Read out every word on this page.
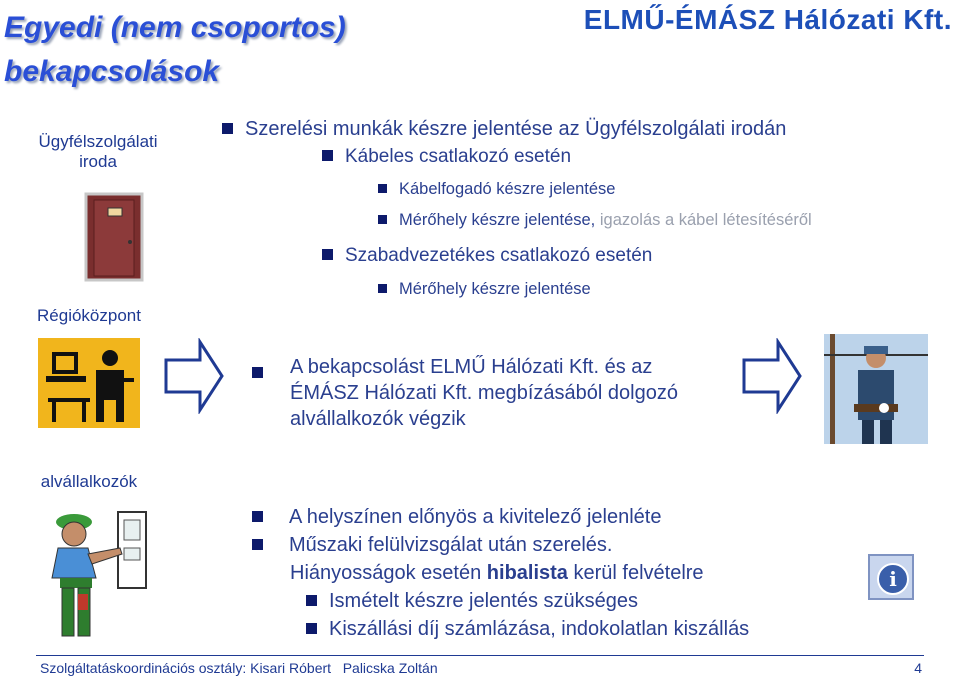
Egyedi (nem csoportos)
bekapcsolások
ELMŰ-ÉMÁSZ Hálózati Kft.
Ügyfélszolgálati
iroda
Régióközpont
alvállalkozók
Szerelési munkák készre jelentése az Ügyfélszolgálati irodán
Kábeles csatlakozó esetén
Kábelfogadó készre jelentése
Mérőhely készre jelentése, igazolás a kábel létesítéséről
Szabadvezetékes csatlakozó esetén
Mérőhely készre jelentése
A bekapcsolást ELMŰ Hálózati Kft. és az
ÉMÁSZ Hálózati Kft. megbízásából dolgozó
alvállalkozók végzik
A helyszínen előnyös a kivitelező jelenléte
Műszaki felülvizsgálat után szerelés.
Hiányosságok esetén hibalista kerül felvételre
Ismételt készre jelentés szükséges
Kiszállási díj számlázása, indokolatlan kiszállás
i
Szolgáltatáskoordinációs osztály: Kisari Róbert   Palicska Zoltán	4
